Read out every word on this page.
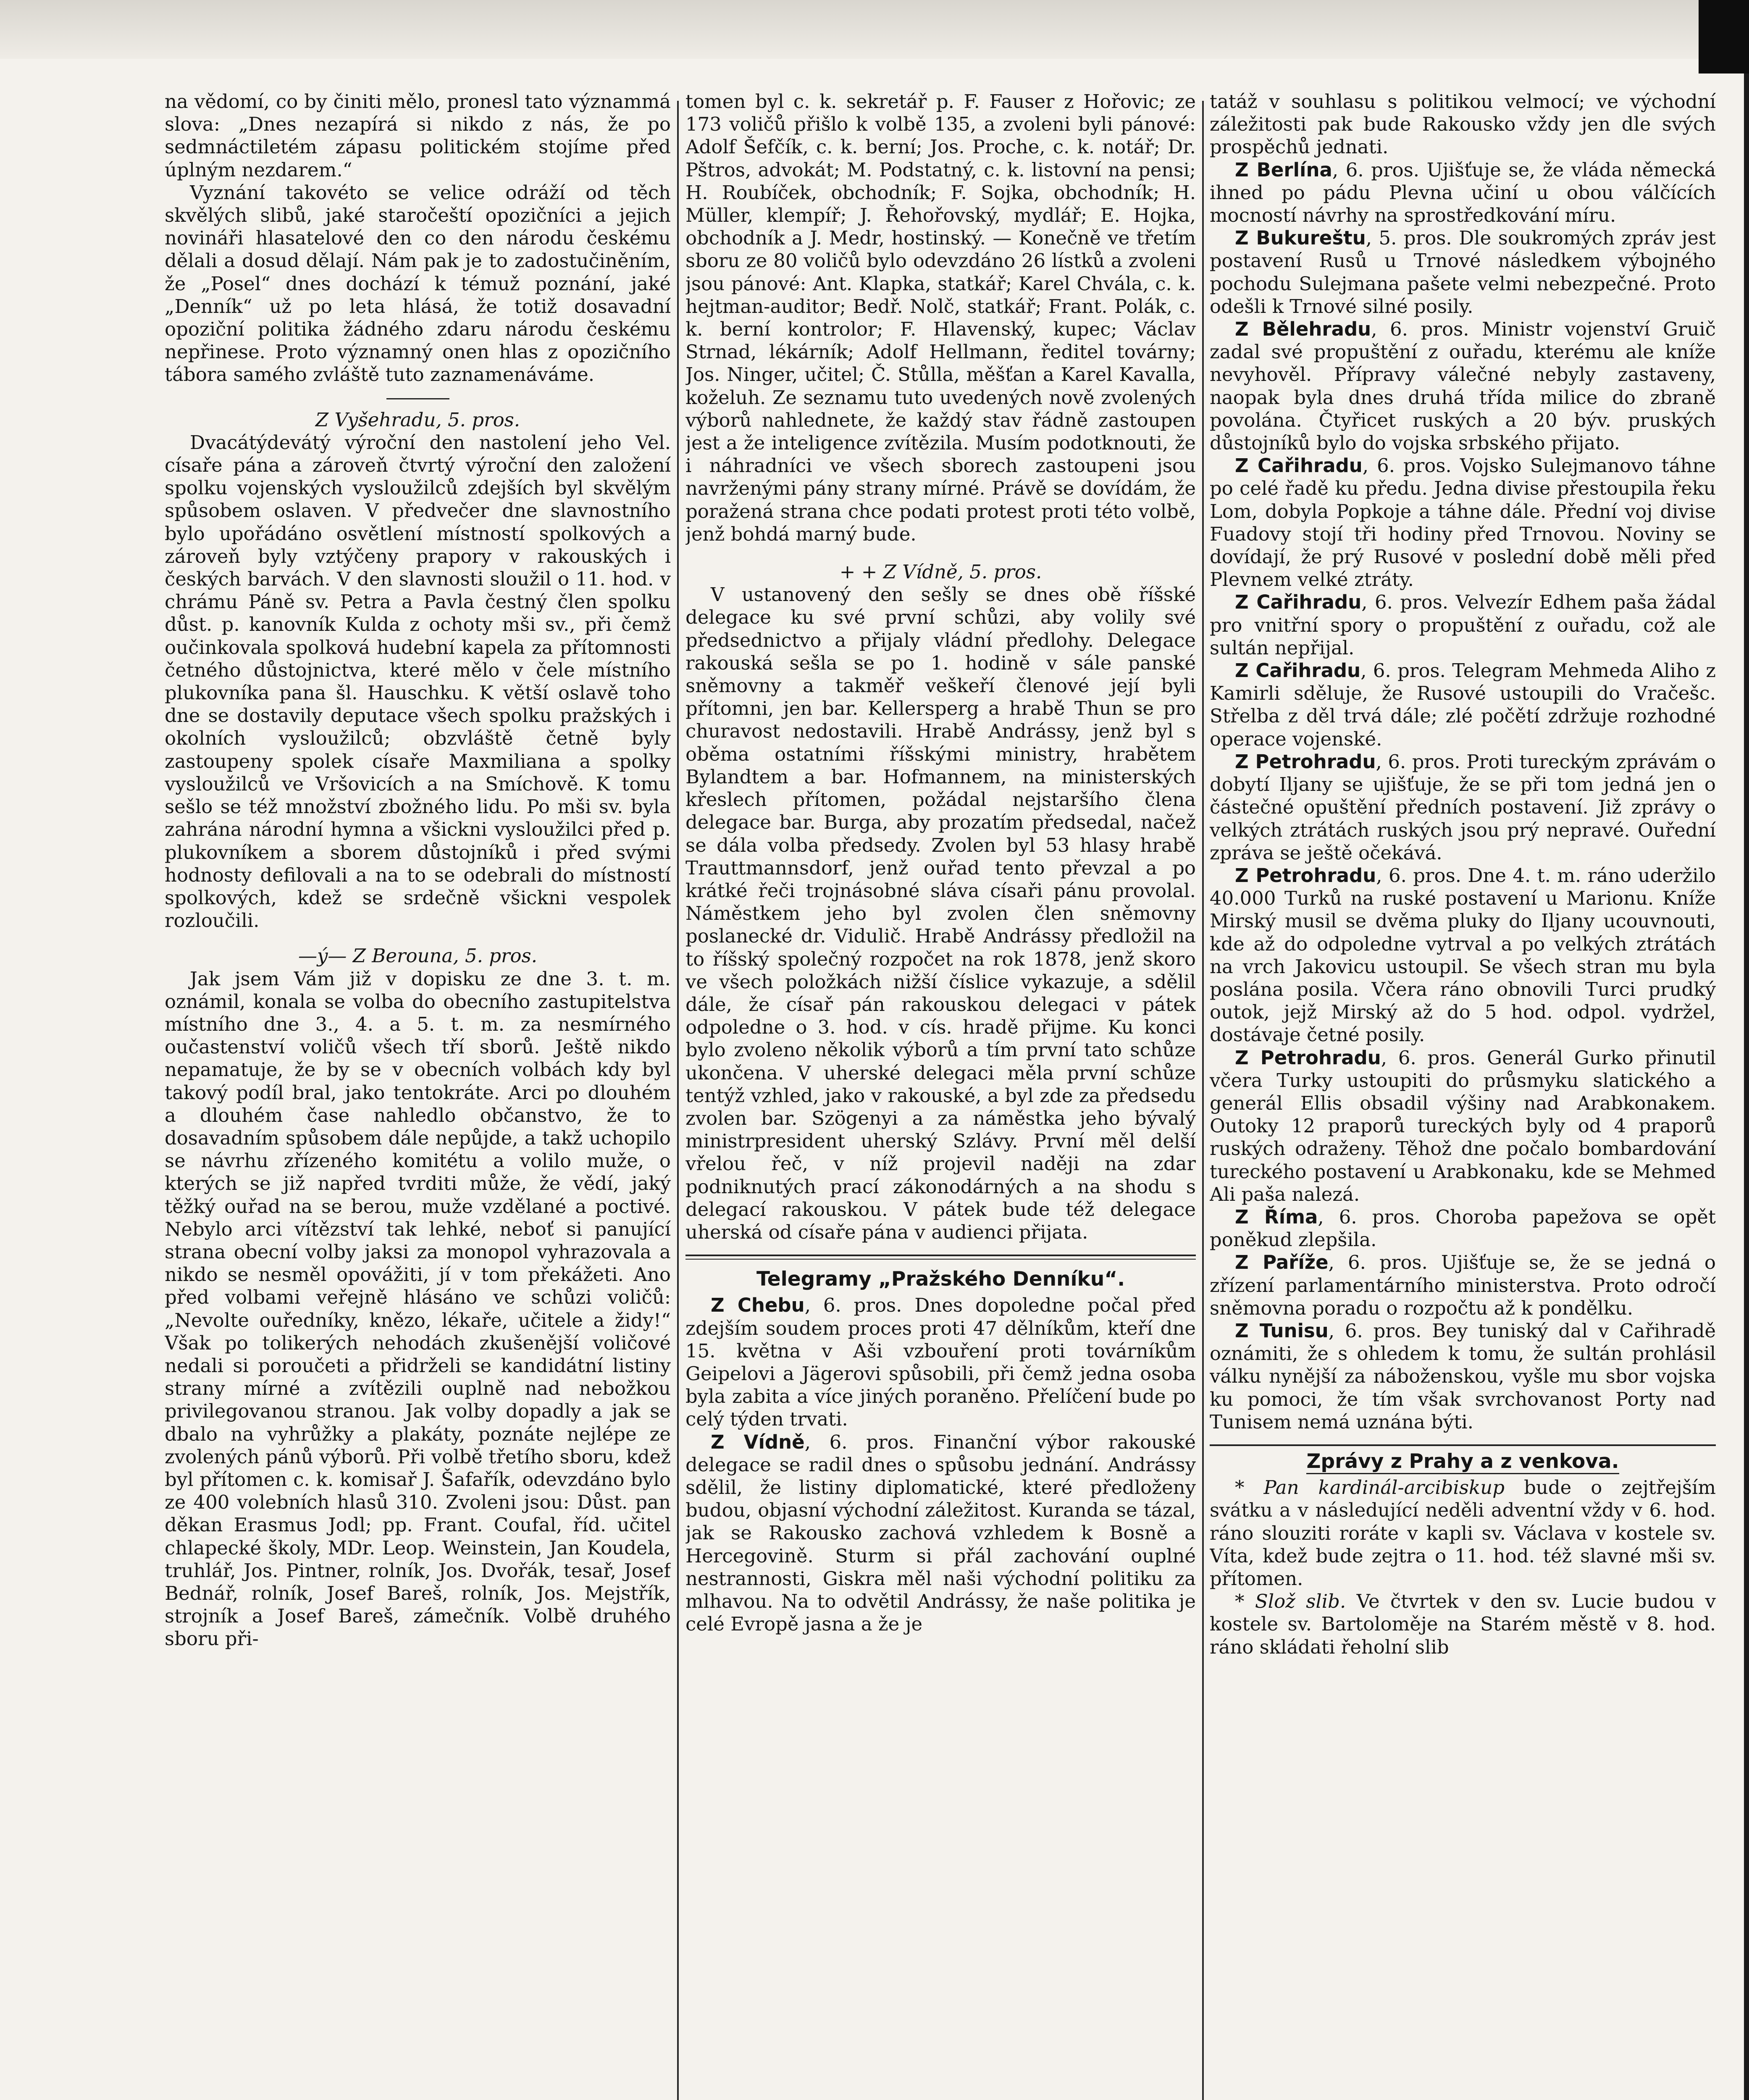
na vědomí, co by činiti mělo, pronesl tato význammá slova: „Dnes nezapírá si nikdo z nás, že po sedmnáctiletém zápasu politickém stojíme před úplným nezdarem.“

Vyznání takovéto se velice odráží od těch skvělých slibů, jaké staročeští opozičníci a jejich novináři hlasatelové den co den národu českému dělali a dosud dělají. Nám pak je to zadostučiněním, že „Posel“ dnes dochází k témuž poznání, jaké „Denník“ už po leta hlásá, že totiž dosavadní opoziční politika žádného zdaru národu českému nepřinese. Proto významný onen hlas z opozičního tábora samého zvláště tuto zaznamenáváme.

Z Vyšehradu, 5. pros.

Dvacátýdevátý výroční den nastolení jeho Vel. císaře pána a zároveň čtvrtý výroční den založení spolku vojenských vysloužilců zdejších byl skvělým spůsobem oslaven. V předvečer dne slavnostního bylo upořádáno osvětlení místností spolkových a zároveň byly vztýčeny prapory v rakouských i českých barvách. V den slavnosti sloužil o 11. hod. v chrámu Páně sv. Petra a Pavla čestný člen spolku důst. p. kanovník Kulda z ochoty mši sv., při čemž oučinkovala spolková hudební kapela za přítomnosti četného důstojnictva, které mělo v čele místního plukovníka pana šl. Hauschku. K větší oslavě toho dne se dostavily deputace všech spolku pražských i okolních vysloužilců; obzvláště četně byly zastoupeny spolek císaře Maxmiliana a spolky vysloužilců ve Vršovicích a na Smíchově. K tomu sešlo se též množství zbožného lidu. Po mši sv. byla zahrána národní hymna a všickni vysloužilci před p. plukovníkem a sborem důstojníků i před svými hodnosty defilovali a na to se odebrali do místností spolkových, kdež se srdečně všickni vespolek rozloučili.

—ý— Z Berouna, 5. pros.

Jak jsem Vám již v dopisku ze dne 3. t. m. oznámil, konala se volba do obecního zastupitelstva místního dne 3., 4. a 5. t. m. za nesmírného oučastenství voličů všech tří sborů. Ještě nikdo nepamatuje, že by se v obecních volbách kdy byl takový podíl bral, jako tentokráte. Arci po dlouhém a dlouhém čase nahledlo občanstvo, že to dosavadním spůsobem dále nepůjde, a takž uchopilo se návrhu zřízeného komitétu a volilo muže, o kterých se již napřed tvrditi může, že vědí, jaký těžký ouřad na se berou, muže vzdělané a poctivé. Nebylo arci vítězství tak lehké, neboť si panující strana obecní volby jaksi za monopol vyhrazovala a nikdo se nesměl opovážiti, jí v tom překážeti. Ano před volbami veřejně hlásáno ve schůzi voličů: „Nevolte ouředníky, knězo, lékaře, učitele a židy!“ Však po tolikerých nehodách zkušenější voličové nedali si poroučeti a přidrželi se kandidátní listiny strany mírné a zvítězili ouplně nad nebožkou privilegovanou stranou. Jak volby dopadly a jak se dbalo na vyhrůžky a plakáty, poznáte nejlépe ze zvolených pánů výborů. Při volbě třetího sboru, kdež byl přítomen c. k. komisař J. Šafařík, odevzdáno bylo ze 400 volebních hlasů 310. Zvoleni jsou: Důst. pan děkan Erasmus Jodl; pp. Frant. Coufal, říd. učitel chlapecké školy, MDr. Leop. Weinstein, Jan Koudela, truhlář, Jos. Pintner, rolník, Jos. Dvořák, tesař, Josef Bednář, rolník, Josef Bareš, rolník, Jos. Mejstřík, strojník a Josef Bareš, zámečník. Volbě druhého sboru při-

tomen byl c. k. sekretář p. F. Fauser z Hořovic; ze 173 voličů přišlo k volbě 135, a zvoleni byli pánové: Adolf Šefčík, c. k. berní; Jos. Proche, c. k. notář; Dr. Pštros, advokát; M. Podstatný, c. k. listovní na pensi; H. Roubíček, obchodník; F. Sojka, obchodník; H. Müller, klempíř; J. Řehořovský, mydlář; E. Hojka, obchodník a J. Medr, hostinský. — Konečně ve třetím sboru ze 80 voličů bylo odevzdáno 26 lístků a zvoleni jsou pánové: Ant. Klapka, statkář; Karel Chvála, c. k. hejtman-auditor; Bedř. Nolč, statkář; Frant. Polák, c. k. berní kontrolor; F. Hlavenský, kupec; Václav Strnad, lékárník; Adolf Hellmann, ředitel továrny; Jos. Ninger, učitel; Č. Stůlla, měšťan a Karel Kavalla, koželuh. Ze seznamu tuto uvedených nově zvolených výborů nahlednete, že každý stav řádně zastoupen jest a že inteligence zvítězila. Musím podotknouti, že i náhradníci ve všech sborech zastoupeni jsou navrženými pány strany mírné. Právě se dovídám, že poražená strana chce podati protest proti této volbě, jenž bohdá marný bude.

+ + Z Vídně, 5. pros.

V ustanovený den sešly se dnes obě říšské delegace ku své první schůzi, aby volily své předsednictvo a přijaly vládní předlohy. Delegace rakouská sešla se po 1. hodině v sále panské sněmovny a takměř veškeří členové její byli přítomni, jen bar. Kellersperg a hrabě Thun se pro churavost nedostavili. Hrabě Andrássy, jenž byl s oběma ostatními říšskými ministry, hrabětem Bylandtem a bar. Hofmannem, na ministerských křeslech přítomen, požádal nejstaršího člena delegace bar. Burga, aby prozatím předsedal, načež se dála volba předsedy. Zvolen byl 53 hlasy hrabě Trauttmannsdorf, jenž ouřad tento převzal a po krátké řeči trojnásobné sláva císaři pánu provolal. Náměstkem jeho byl zvolen člen sněmovny poslanecké dr. Vidulič. Hrabě Andrássy předložil na to říšský společný rozpočet na rok 1878, jenž skoro ve všech položkách nižší číslice vykazuje, a sdělil dále, že císař pán rakouskou delegaci v pátek odpoledne o 3. hod. v cís. hradě přijme. Ku konci bylo zvoleno několik výborů a tím první tato schůze ukončena. V uherské delegaci měla první schůze tentýž vzhled, jako v rakouské, a byl zde za předsedu zvolen bar. Szögenyi a za náměstka jeho bývalý ministrpresident uherský Szlávy. První měl delší vřelou řeč, v níž projevil naději na zdar podniknutých prací zákonodárných a na shodu s delegací rakouskou. V pátek bude též delegace uherská od císaře pána v audienci přijata.

Telegramy „Pražského Denníku“.

Z Chebu, 6. pros. Dnes dopoledne počal před zdejším soudem proces proti 47 dělníkům, kteří dne 15. května v Aši vzbouření proti továrníkům Geipelovi a Jägerovi spůsobili, při čemž jedna osoba byla zabita a více jiných poraněno. Přelíčení bude po celý týden trvati.

Z Vídně, 6. pros. Finanční výbor rakouské delegace se radil dnes o spůsobu jednání. Andrássy sdělil, že listiny diplomatické, které předloženy budou, objasní východní záležitost. Kuranda se tázal, jak se Rakousko zachová vzhledem k Bosně a Hercegovině. Sturm si přál zachování ouplné nestrannosti, Giskra měl naši východní politiku za mlhavou. Na to odvětil Andrássy, že naše politika je celé Evropě jasna a že je

tatáž v souhlasu s politikou velmocí; ve východní záležitosti pak bude Rakousko vždy jen dle svých prospěchů jednati.

Z Berlína, 6. pros. Ujišťuje se, že vláda německá ihned po pádu Plevna učiní u obou válčících mocností návrhy na sprostředkování míru.

Z Bukureštu, 5. pros. Dle soukromých zpráv jest postavení Rusů u Trnové následkem výbojného pochodu Sulejmana pašete velmi nebezpečné. Proto odešli k Trnové silné posily.

Z Bělehradu, 6. pros. Ministr vojenství Gruič zadal své propuštění z ouřadu, kterému ale kníže nevyhověl. Přípravy válečné nebyly zastaveny, naopak byla dnes druhá třída milice do zbraně povolána. Čtyřicet ruských a 20 býv. pruských důstojníků bylo do vojska srbského přijato.

Z Cařihradu, 6. pros. Vojsko Sulejmanovo táhne po celé řadě ku předu. Jedna divise přestoupila řeku Lom, dobyla Popkoje a táhne dále. Přední voj divise Fuadovy stojí tři hodiny před Trnovou. Noviny se dovídají, že prý Rusové v poslední době měli před Plevnem velké ztráty.

Z Cařihradu, 6. pros. Velvezír Edhem paša žádal pro vnitřní spory o propuštění z ouřadu, což ale sultán nepřijal.

Z Cařihradu, 6. pros. Telegram Mehmeda Aliho z Kamirli sděluje, že Rusové ustoupili do Vračešc. Střelba z děl trvá dále; zlé počětí zdržuje rozhodné operace vojenské.

Z Petrohradu, 6. pros. Proti tureckým zprávám o dobytí Iljany se ujišťuje, že se při tom jedná jen o částečné opuštění předních postavení. Již zprávy o velkých ztrátách ruských jsou prý nepravé. Ouřední zpráva se ještě očekává.

Z Petrohradu, 6. pros. Dne 4. t. m. ráno uderžilo 40.000 Turků na ruské postavení u Marionu. Kníže Mirský musil se dvěma pluky do Iljany ucouvnouti, kde až do odpoledne vytrval a po velkých ztrátách na vrch Jakovicu ustoupil. Se všech stran mu byla poslána posila. Včera ráno obnovili Turci prudký outok, jejž Mirský až do 5 hod. odpol. vydržel, dostávaje četné posily.

Z Petrohradu, 6. pros. Generál Gurko přinutil včera Turky ustoupiti do průsmyku slatického a generál Ellis obsadil výšiny nad Arabkonakem. Outoky 12 praporů tureckých byly od 4 praporů ruských odraženy. Těhož dne počalo bombardování tureckého postavení u Arabkonaku, kde se Mehmed Ali paša nalezá.

Z Říma, 6. pros. Choroba papežova se opět poněkud zlepšila.

Z Paříže, 6. pros. Ujišťuje se, že se jedná o zřízení parlamentárního ministerstva. Proto odročí sněmovna poradu o rozpočtu až k pondělku.

Z Tunisu, 6. pros. Bey tuniský dal v Cařihradě oznámiti, že s ohledem k tomu, že sultán prohlásil válku nynější za náboženskou, vyšle mu sbor vojska ku pomoci, že tím však svrchovanost Porty nad Tunisem nemá uznána býti.

Zprávy z Prahy a z venkova.

* Pan kardinál-arcibiskup bude o zejtřejším svátku a v následující neděli adventní vždy v 6. hod. ráno slouziti roráte v kapli sv. Václava v kostele sv. Víta, kdež bude zejtra o 11. hod. též slavné mši sv. přítomen.

* Slož slib. Ve čtvrtek v den sv. Lucie budou v kostele sv. Bartoloměje na Starém městě v 8. hod. ráno skládati řeholní slib
